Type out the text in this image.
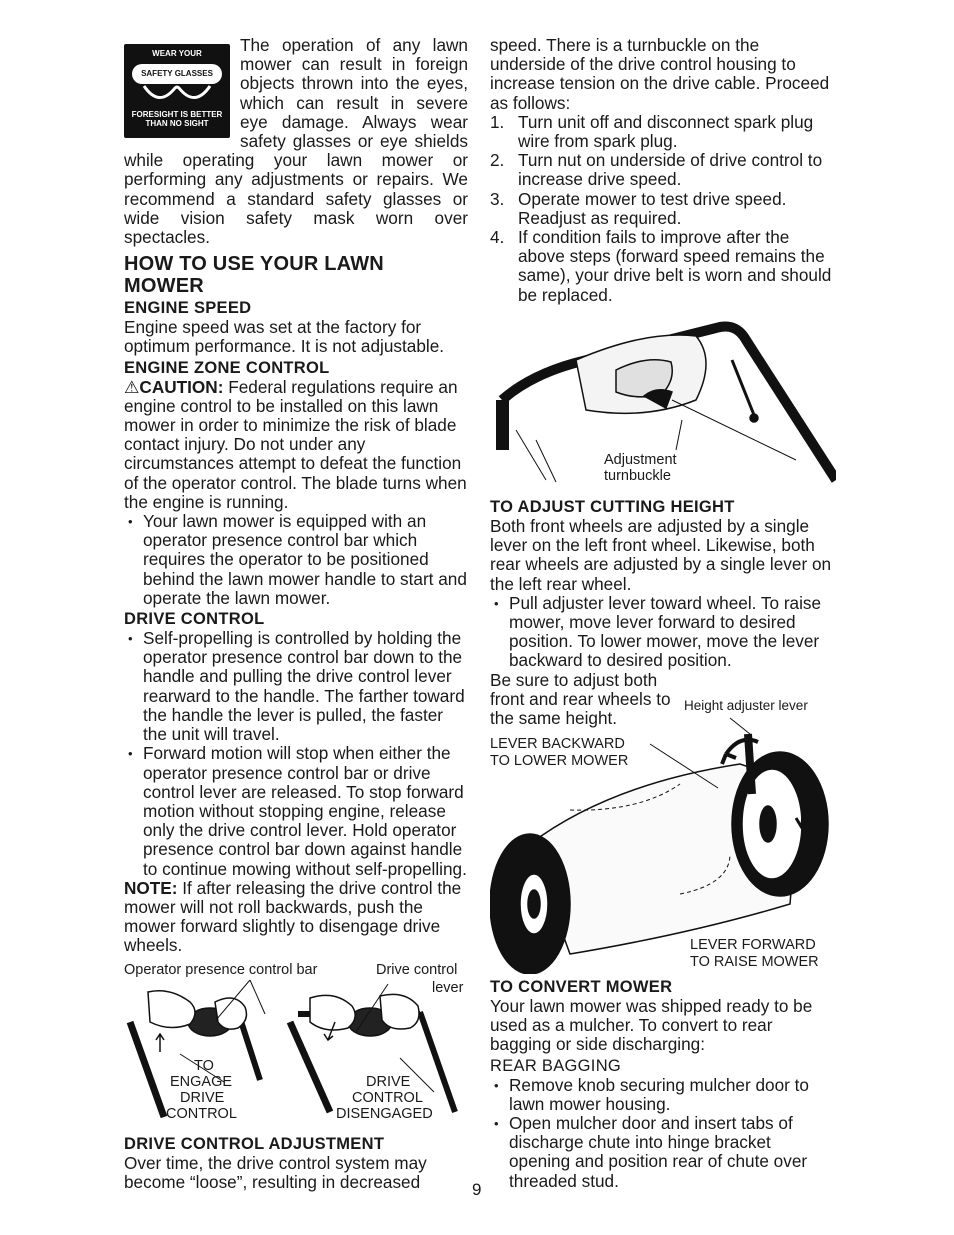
WEAR YOUR
SAFETY GLASSES
FORESIGHT IS BETTER
THAN NO SIGHT

The operation of any lawn mower can result in foreign objects thrown into the eyes, which can result in severe eye damage. Always wear safety glasses or eye shields while operating your lawn mower or performing any adjustments or repairs. We recommend a standard safety glasses or wide vision safety mask worn over spectacles.

HOW TO USE YOUR LAWN MOWER
ENGINE SPEED

Engine speed was set at the factory for optimum performance. It is not adjustable.

ENGINE ZONE CONTROL

⚠CAUTION: Federal regulations require an engine control to be installed on this lawn mower in order to minimize the risk of blade contact injury. Do not under any circumstances attempt to defeat the function of the operator control. The blade turns when the engine is running.

• Your lawn mower is equipped with an operator presence control bar which requires the operator to be positioned behind the lawn mower handle to start and operate the lawn mower.
DRIVE CONTROL
• Self-propelling is controlled by holding the operator presence control bar down to the handle and pulling the drive control lever rearward to the handle. The farther toward the handle the lever is pulled, the faster the unit will travel.
• Forward motion will stop when either the operator presence control bar or drive control lever are released. To stop forward motion without stopping engine, release only the drive control lever. Hold operator presence control bar down against handle to continue mowing without self-propelling.

NOTE: If after releasing the drive control the mower will not roll backwards, push the mower forward slightly to disengage drive wheels.

Operator presence control bar	Drive control
lever
TO
ENGAGE
DRIVE
CONTROL
DRIVE
CONTROL
DISENGAGED
DRIVE CONTROL ADJUSTMENT

Over time, the drive control system may become “loose”, resulting in decreased

speed. There is a turnbuckle on the underside of the drive control housing to increase tension on the drive cable. Proceed as follows:

1. Turn unit off and disconnect spark plug wire from spark plug.
2. Turn nut on underside of drive control to increase drive speed.
3. Operate mower to test drive speed. Readjust as required.
4. If condition fails to improve after the above steps (forward speed remains the same), your drive belt is worn and should be replaced.
Adjustment
turnbuckle
TO ADJUST CUTTING HEIGHT

Both front wheels are adjusted by a single lever on the left front wheel. Likewise, both rear wheels are adjusted by a single lever on the left rear wheel.

• Pull adjuster lever toward wheel. To raise mower, move lever forward to desired position. To lower mower, move the lever backward to desired position.

Be sure to adjust both front and rear wheels to the same height.

Height adjuster lever
LEVER BACKWARD
TO LOWER MOWER
LEVER FORWARD
TO RAISE MOWER
TO CONVERT MOWER

Your lawn mower was shipped ready to be used as a mulcher. To convert to rear bagging or side discharging:

REAR BAGGING
• Remove knob securing mulcher door to lawn mower housing.
• Open mulcher door and insert tabs of discharge chute into hinge bracket opening and position rear of chute over threaded stud.
9
